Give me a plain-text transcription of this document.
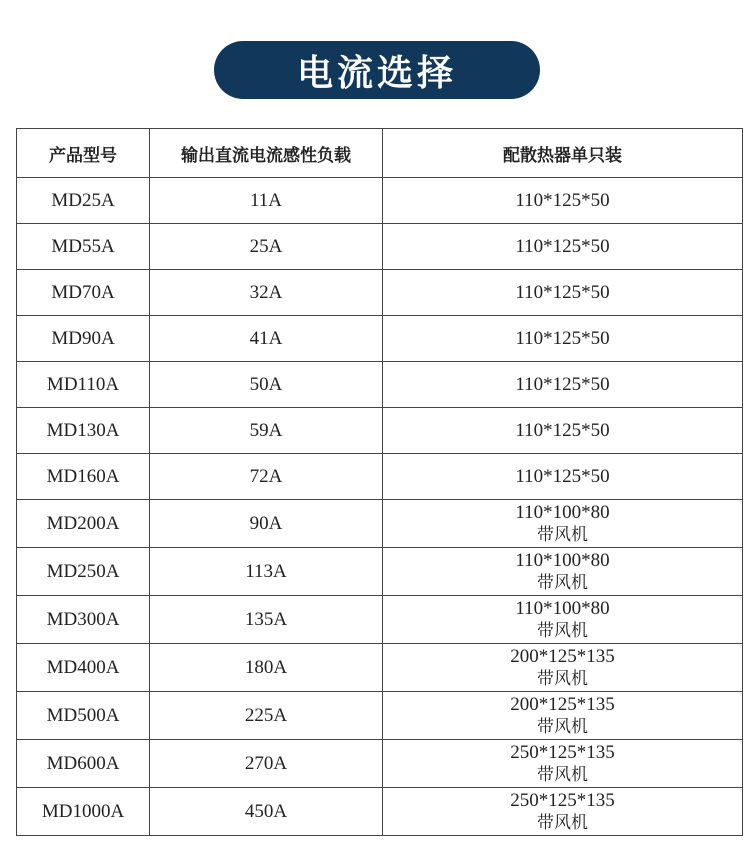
电流选择
产品型号	输出直流电流感性负载	配散热器单只装
MD25A	11A	110*125*50
MD55A	25A	110*125*50
MD70A	32A	110*125*50
MD90A	41A	110*125*50
MD110A	50A	110*125*50
MD130A	59A	110*125*50
MD160A	72A	110*125*50
MD200A	90A	110*100*80
带风机

MD250A	113A	110*100*80
带风机

MD300A	135A	110*100*80
带风机

MD400A	180A	200*125*135
带风机

MD500A	225A	200*125*135
带风机

MD600A	270A	250*125*135
带风机

MD1000A	450A	250*125*135
带风机
